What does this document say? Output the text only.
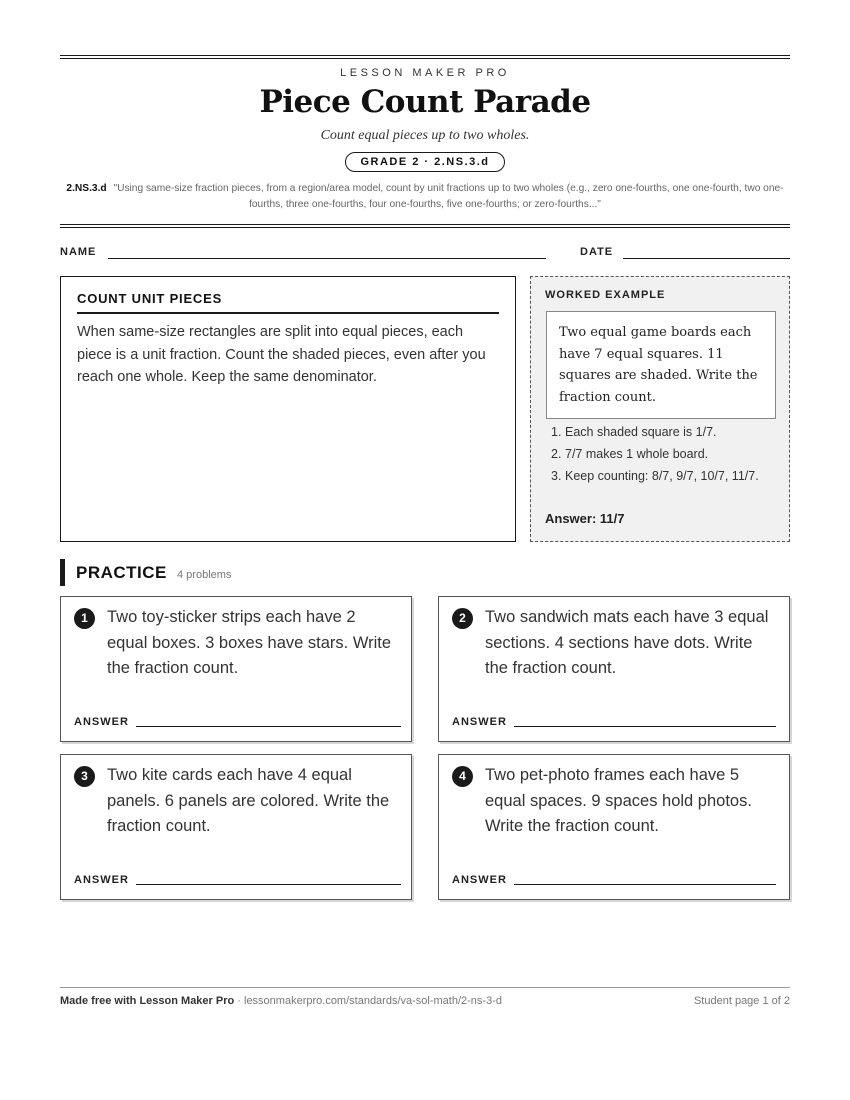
LESSON MAKER PRO
Piece Count Parade
Count equal pieces up to two wholes.
GRADE 2 · 2.NS.3.d
2.NS.3.d "Using same-size fraction pieces, from a region/area model, count by unit fractions up to two wholes (e.g., zero one-fourths, one one-fourth, two one-fourths, three one-fourths, four one-fourths, five one-fourths; or zero-fourths..."
NAME	DATE
COUNT UNIT PIECES
When same-size rectangles are split into equal pieces, each piece is a unit fraction. Count the shaded pieces, even after you reach one whole. Keep the same denominator.
WORKED EXAMPLE
Two equal game boards each have 7 equal squares. 11 squares are shaded. Write the fraction count.
1. Each shaded square is 1/7.
2. 7/7 makes 1 whole board.
3. Keep counting: 8/7, 9/7, 10/7, 11/7.
Answer: 11/7
PRACTICE 4 problems
1	Two toy-sticker strips each have 2 equal boxes. 3 boxes have stars. Write the fraction count.
ANSWER
2	Two sandwich mats each have 3 equal sections. 4 sections have dots. Write the fraction count.
ANSWER
3	Two kite cards each have 4 equal panels. 6 panels are colored. Write the fraction count.
ANSWER
4	Two pet-photo frames each have 5 equal spaces. 9 spaces hold photos. Write the fraction count.
ANSWER
Made free with Lesson Maker Pro · lessonmakerpro.com/standards/va-sol-math/2-ns-3-d	Student page 1 of 2
